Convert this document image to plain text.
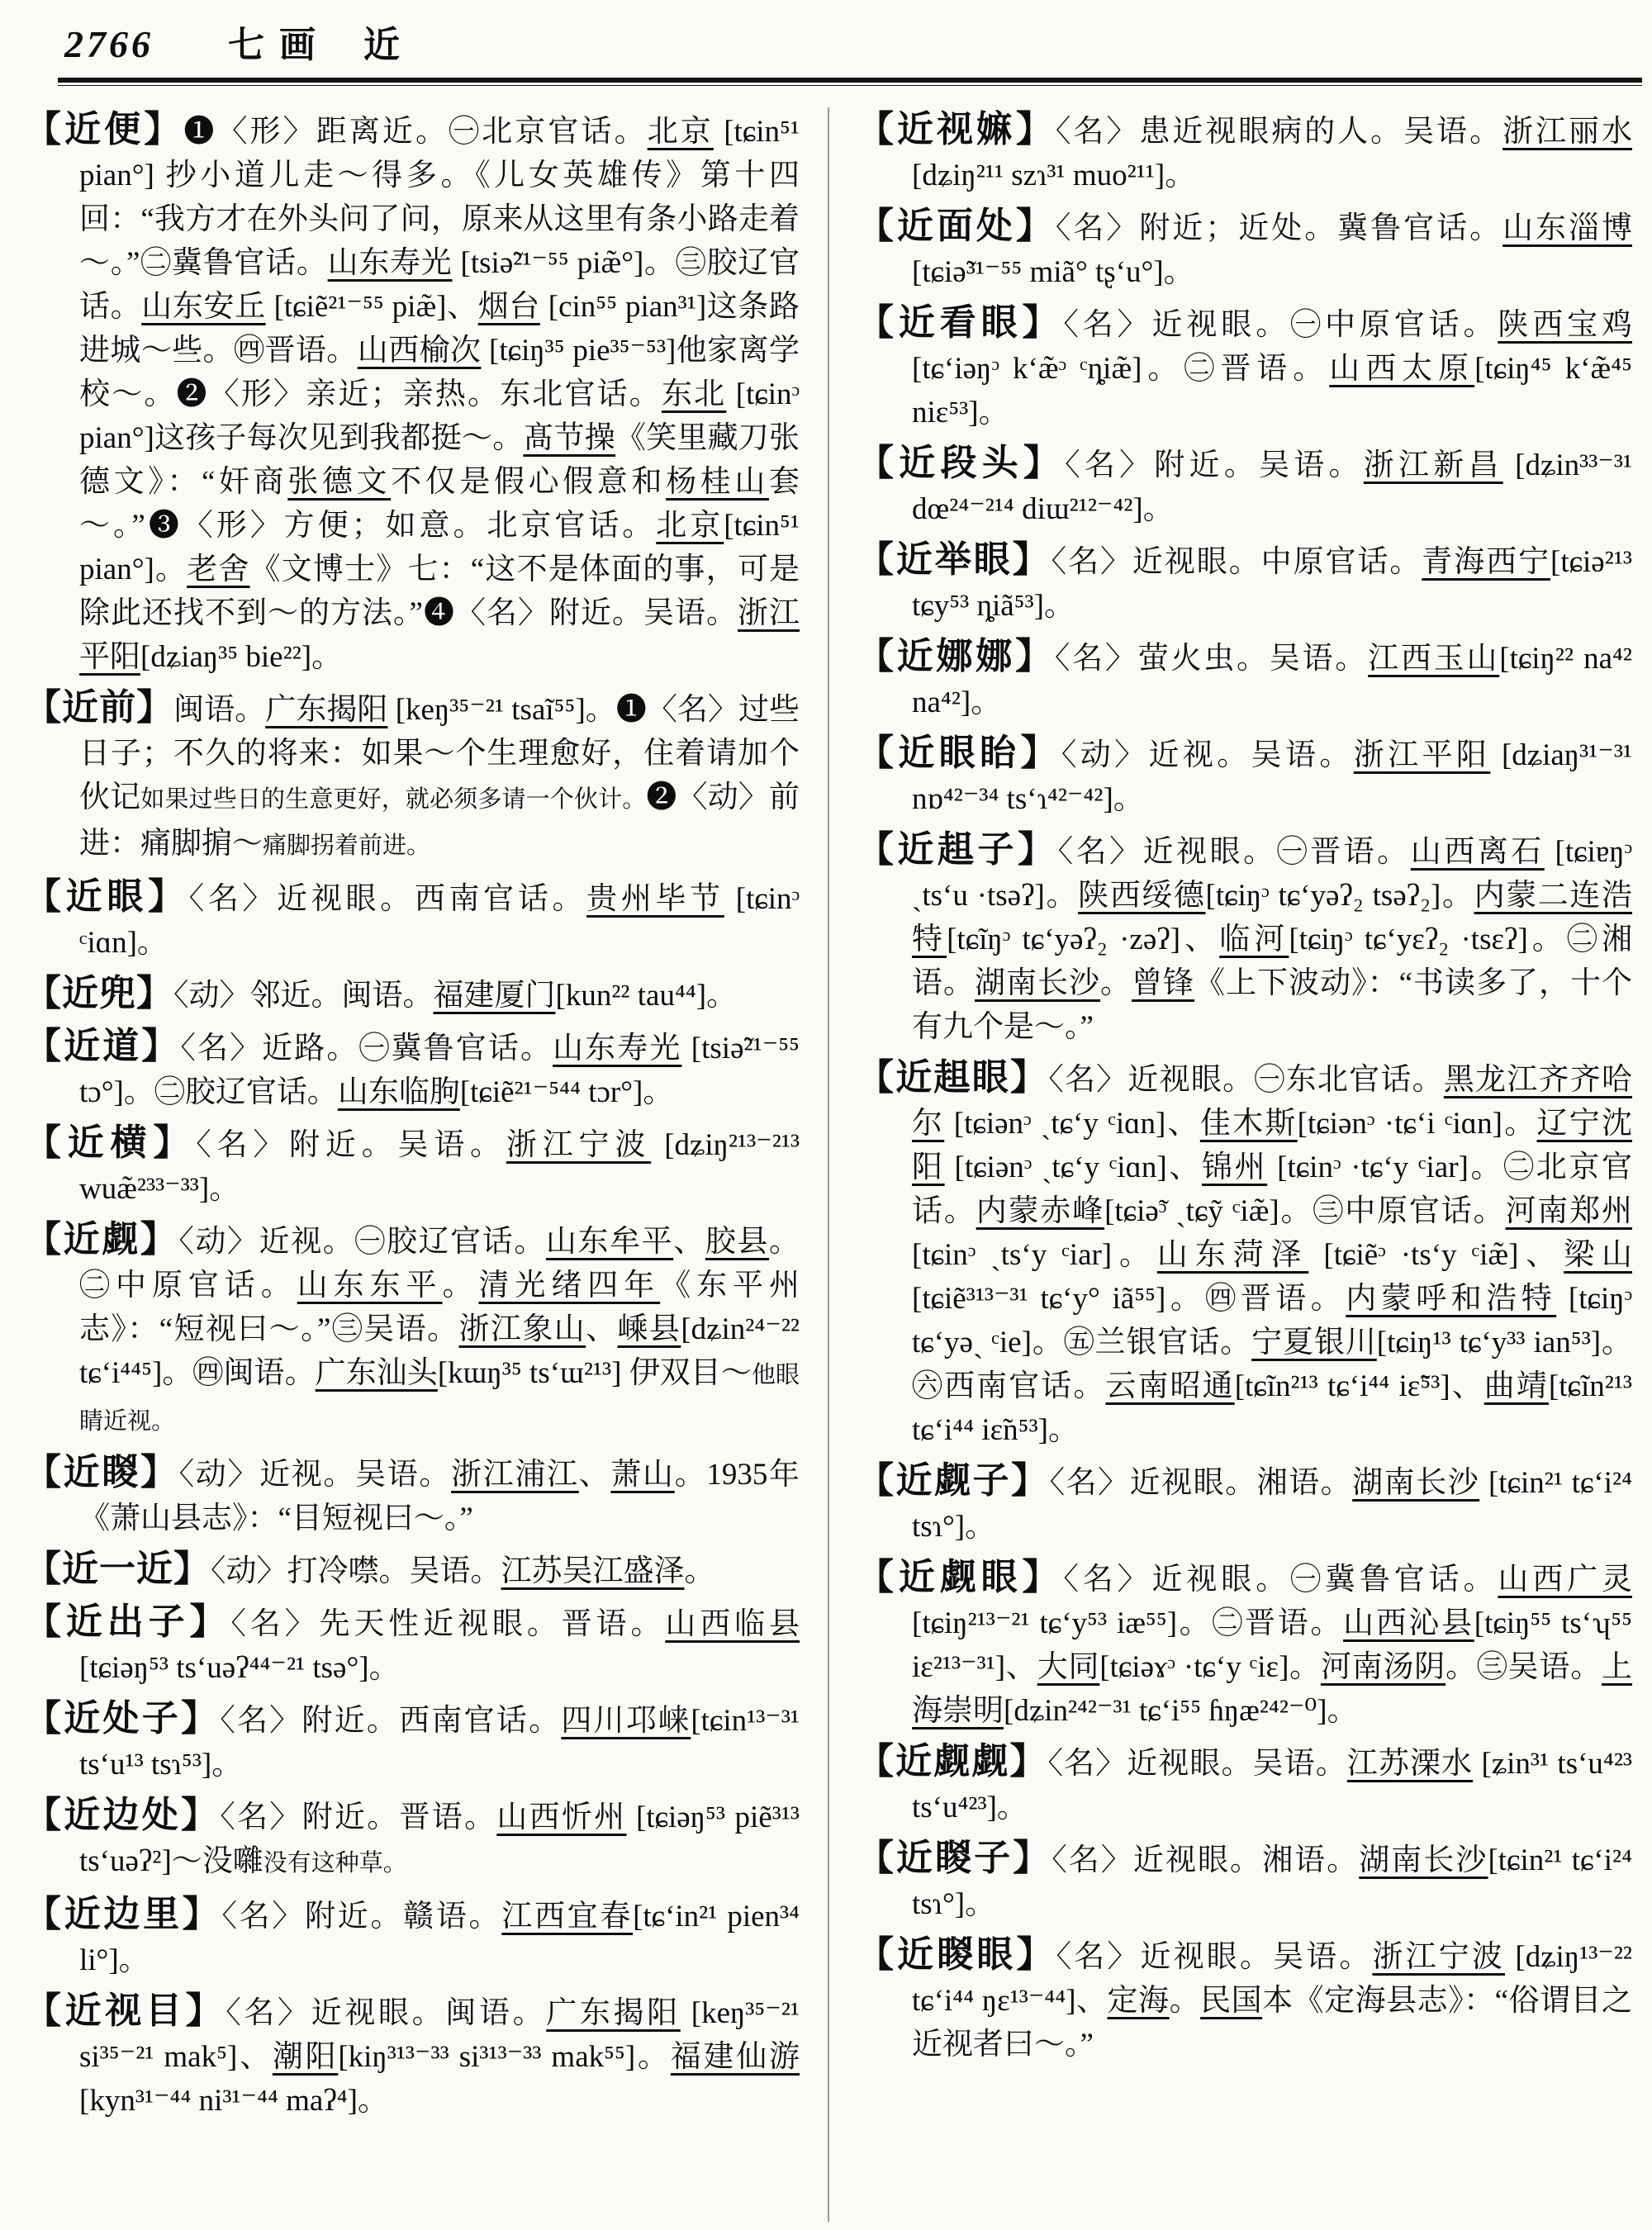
2766 七画  近

【近便】❶〈形〉距离近。㊀北京官话。北京 [tɕin⁵¹ pian°] 抄小道儿走～得多。《儿女英雄传》第十四回：“我方才在外头问了问，原来从这里有条小路走着～。”㊁冀鲁官话。山东寿光 [tsiə̃²¹⁻⁵⁵ piæ̃°]。㊂胶辽官话。山东安丘 [tɕiẽ²¹⁻⁵⁵ piæ̃]、烟台 [cin⁵⁵ pian³¹]这条路进城～些。㊃晋语。山西榆次 [tɕiŋ³⁵ pie³⁵⁻⁵³]他家离学校～。❷〈形〉亲近；亲热。东北官话。东北 [tɕinᵓ pian°]这孩子每次见到我都挺～。髙节操《笑里藏刀张德文》：“奸商张德文不仅是假心假意和杨桂山套～。”❸〈形〉方便；如意。北京官话。北京[tɕin⁵¹ pian°]。老舍《文博士》七：“这不是体面的事，可是除此还找不到～的方法。”❹〈名〉附近。吴语。浙江平阳[dʑiaŋ³⁵ bie²²]。

【近前】闽语。广东揭阳 [keŋ³⁵⁻²¹ tsaĩ⁵⁵]。❶〈名〉过些日子；不久的将来：如果～个生理愈好，住着请加个伙记如果过些日的生意更好，就必须多请一个伙计。❷〈动〉前进：痛脚掮～痛脚拐着前进。

【近眼】〈名〉近视眼。西南官话。贵州毕节 [tɕinᵓ ᶜiɑn]。

【近兜】〈动〉邻近。闽语。福建厦门[kun²² tau⁴⁴]。

【近道】〈名〉近路。㊀冀鲁官话。山东寿光 [tsiə̃²¹⁻⁵⁵ tɔ°]。㊁胶辽官话。山东临朐[tɕiẽ²¹⁻⁵⁴⁴ tɔr°]。

【近横】〈名〉附近。吴语。浙江宁波 [dʑiŋ²¹³⁻²¹³ wuæ̃²³³⁻³³]。

【近觑】〈动〉近视。㊀胶辽官话。山东牟平、胶县。㊁中原官话。山东东平。清光绪四年《东平州志》：“短视曰～。”㊂吴语。浙江象山、嵊县[dʑin²⁴⁻²² tɕʻi⁴⁴⁵]。㊃闽语。广东汕头[kɯŋ³⁵ tsʻɯ²¹³] 伊双目～他眼睛近视。

【近䁓】〈动〉近视。吴语。浙江浦江、萧山。1935年《萧山县志》：“目短视曰～。”

【近一近】〈动〉打冷噤。吴语。江苏吴江盛泽。

【近出子】〈名〉先天性近视眼。晋语。山西临县 [tɕiəŋ⁵³ tsʻuəʔ⁴⁴⁻²¹ tsə°]。

【近处子】〈名〉附近。西南官话。四川邛崃[tɕin¹³⁻³¹ tsʻu¹³ tsɿ⁵³]。

【近边处】〈名〉附近。晋语。山西忻州 [tɕiəŋ⁵³ piẽ³¹³ tsʻuəʔ²]～没囃没有这种草。

【近边里】〈名〉附近。赣语。江西宜春[tɕʻin²¹ pien³⁴ li°]。

【近视目】〈名〉近视眼。闽语。广东揭阳 [keŋ³⁵⁻²¹ si³⁵⁻²¹ mak⁵]、潮阳[kiŋ³¹³⁻³³ si³¹³⁻³³ mak⁵⁵]。福建仙游[kyn³¹⁻⁴⁴ ni³¹⁻⁴⁴ maʔ⁴]。

【近视嫲】〈名〉患近视眼病的人。吴语。浙江丽水 [dʑiŋ²¹¹ szɿ³¹ muo²¹¹]。

【近面处】〈名〉附近；近处。冀鲁官话。山东淄博 [tɕiə̃³¹⁻⁵⁵ miã° tʂʻu°]。

【近看眼】〈名〉近视眼。㊀中原官话。陕西宝鸡 [tɕʻiəŋᵓ kʻæ̃ᵓ ᶜȵiæ̃]。㊁晋语。山西太原[tɕiŋ⁴⁵ kʻæ̃⁴⁵ niɛ⁵³]。

【近段头】〈名〉附近。吴语。浙江新昌 [dʑin³³⁻³¹ dœ²⁴⁻²¹⁴ diɯ²¹²⁻⁴²]。

【近举眼】〈名〉近视眼。中原官话。青海西宁[tɕiə²¹³ tɕy⁵³ ȵiã⁵³]。

【近娜娜】〈名〉萤火虫。吴语。江西玉山[tɕiŋ²² na⁴² na⁴²]。

【近眼眙】〈动〉近视。吴语。浙江平阳 [dʑiaŋ³¹⁻³¹ nɒ⁴²⁻³⁴ tsʻɿ⁴²⁻⁴²]。

【近趄子】〈名〉近视眼。㊀晋语。山西离石 [tɕiɐŋᵓ ˏtsʻu ·tsəʔ]。陕西绥德[tɕiŋᵓ tɕʻyəʔ₂ tsəʔ₂]。内蒙二连浩特[tɕĩŋᵓ tɕʻyəʔ₂ ·zəʔ]、临河[tɕiŋᵓ tɕʻyɛʔ₂ ·tsɛʔ]。㊁湘语。湖南长沙。曾锋《上下波动》：“书读多了，十个有九个是～。”

【近趄眼】〈名〉近视眼。㊀东北官话。黑龙江齐齐哈尔 [tɕiənᵓ ˏtɕʻy ᶜiɑn]、佳木斯[tɕiənᵓ ·tɕʻi ᶜiɑn]。辽宁沈阳 [tɕiənᵓ ˏtɕʻy ᶜiɑn]、锦州 [tɕinᵓ ·tɕʻy ᶜiar]。㊁北京官话。内蒙赤峰[tɕiə̃ᵓ ˏtɕỹ ᶜiæ̃]。㊂中原官话。河南郑州[tɕinᵓ ˏtsʻy ᶜiar]。山东菏泽 [tɕiẽᵓ ·tsʻy ᶜiæ̃]、梁山[tɕiẽ³¹³⁻³¹ tɕʻy° iã⁵⁵]。㊃晋语。内蒙呼和浩特 [tɕiŋᵓ tɕʻyəˎ ᶜie]。㊄兰银官话。宁夏银川[tɕiŋ¹³ tɕʻy³³ ian⁵³]。㊅西南官话。云南昭通[tɕĩn²¹³ tɕʻi⁴⁴ iɛ̃⁵³]、曲靖[tɕĩn²¹³ tɕʻi⁴⁴ iɛ̃n⁵³]。

【近觑子】〈名〉近视眼。湘语。湖南长沙 [tɕin²¹ tɕʻi²⁴ tsɿ°]。

【近觑眼】〈名〉近视眼。㊀冀鲁官话。山西广灵 [tɕiŋ²¹³⁻²¹ tɕʻy⁵³ iæ⁵⁵]。㊁晋语。山西沁县[tɕiŋ⁵⁵ tsʻʮ⁵⁵ iɛ²¹³⁻³¹]、大同[tɕiəɤᵓ ·tɕʻy ᶜiɛ]。河南汤阴。㊂吴语。上海崇明[dʑin²⁴²⁻³¹ tɕʻi⁵⁵ ɦŋæ²⁴²⁻⁰]。

【近觑觑】〈名〉近视眼。吴语。江苏溧水 [ʑin³¹ tsʻu⁴²³ tsʻu⁴²³]。

【近䁓子】〈名〉近视眼。湘语。湖南长沙[tɕin²¹ tɕʻi²⁴ tsɿ°]。

【近䁓眼】〈名〉近视眼。吴语。浙江宁波 [dʑiŋ¹³⁻²² tɕʻi⁴⁴ ŋɛ¹³⁻⁴⁴]、定海。民国本《定海县志》：“俗谓目之近视者曰～。”
